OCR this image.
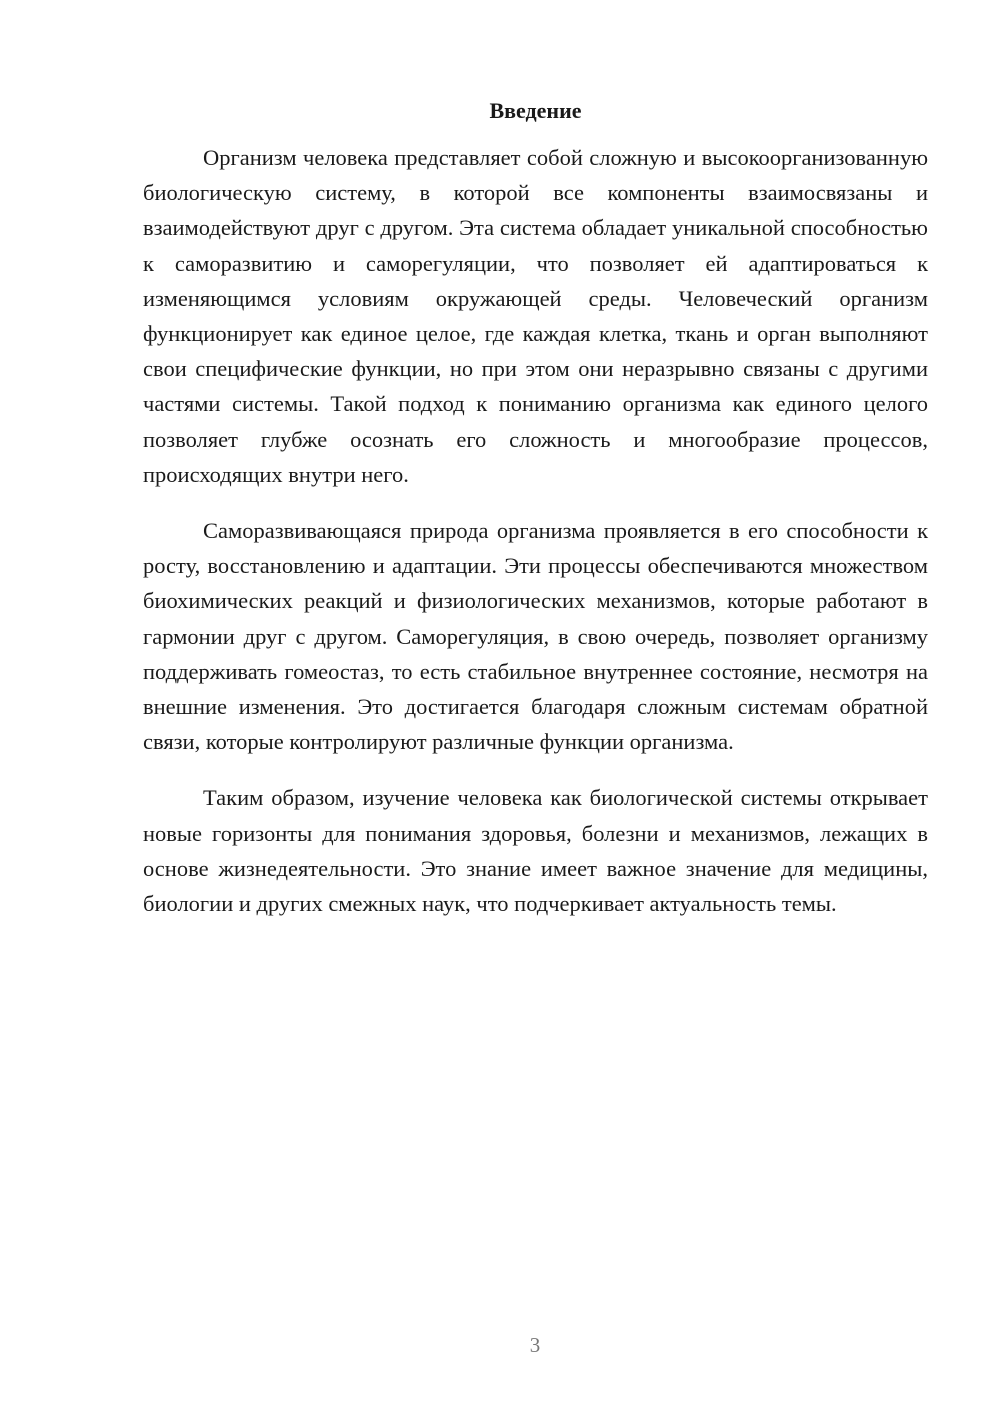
Введение

Организм человека представляет собой сложную и высокоорганизованную биологическую систему, в которой все компоненты взаимосвязаны и взаимодействуют друг с другом. Эта система обладает уникальной способностью к саморазвитию и саморегуляции, что позволяет ей адаптироваться к изменяющимся условиям окружающей среды. Человеческий организм функционирует как единое целое, где каждая клетка, ткань и орган выполняют свои специфические функции, но при этом они неразрывно связаны с другими частями системы. Такой подход к пониманию организма как единого целого позволяет глубже осознать его сложность и многообразие процессов, происходящих внутри него.

Саморазвивающаяся природа организма проявляется в его способности к росту, восстановлению и адаптации. Эти процессы обеспечиваются множеством биохимических реакций и физиологических механизмов, которые работают в гармонии друг с другом. Саморегуляция, в свою очередь, позволяет организму поддерживать гомеостаз, то есть стабильное внутреннее состояние, несмотря на внешние изменения. Это достигается благодаря сложным системам обратной связи, которые контролируют различные функции организма.

Таким образом, изучение человека как биологической системы открывает новые горизонты для понимания здоровья, болезни и механизмов, лежащих в основе жизнедеятельности. Это знание имеет важное значение для медицины, биологии и других смежных наук, что подчеркивает актуальность темы.

3
